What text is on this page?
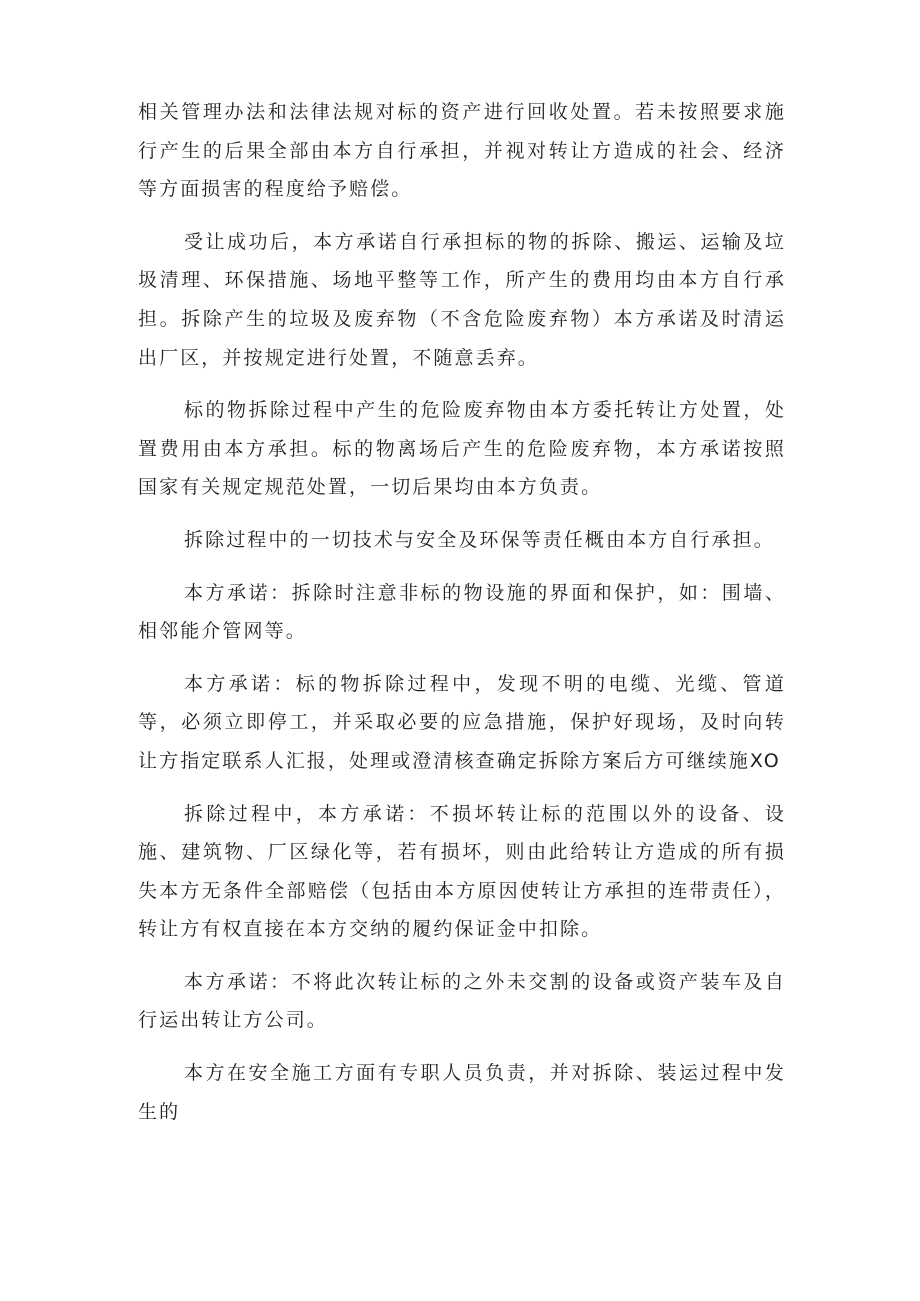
相关管理办法和法律法规对标的资产进行回收处置。若未按照要求施行产生的后果全部由本方自行承担，并视对转让方造成的社会、经济等方面损害的程度给予赔偿。

受让成功后，本方承诺自行承担标的物的拆除、搬运、运输及垃圾清理、环保措施、场地平整等工作，所产生的费用均由本方自行承担。拆除产生的垃圾及废弃物（不含危险废弃物）本方承诺及时清运出厂区，并按规定进行处置，不随意丢弃。

标的物拆除过程中产生的危险废弃物由本方委托转让方处置，处置费用由本方承担。标的物离场后产生的危险废弃物，本方承诺按照国家有关规定规范处置，一切后果均由本方负责。

拆除过程中的一切技术与安全及环保等责任概由本方自行承担。

本方承诺：拆除时注意非标的物设施的界面和保护，如：围墙、相邻能介管网等。

本方承诺：标的物拆除过程中，发现不明的电缆、光缆、管道等，必须立即停工，并采取必要的应急措施，保护好现场，及时向转让方指定联系人汇报，处理或澄清核查确定拆除方案后方可继续施XO

拆除过程中，本方承诺：不损坏转让标的范围以外的设备、设施、建筑物、厂区绿化等，若有损坏，则由此给转让方造成的所有损失本方无条件全部赔偿（包括由本方原因使转让方承担的连带责任），转让方有权直接在本方交纳的履约保证金中扣除。

本方承诺：不将此次转让标的之外未交割的设备或资产装车及自行运出转让方公司。

本方在安全施工方面有专职人员负责，并对拆除、装运过程中发生的
